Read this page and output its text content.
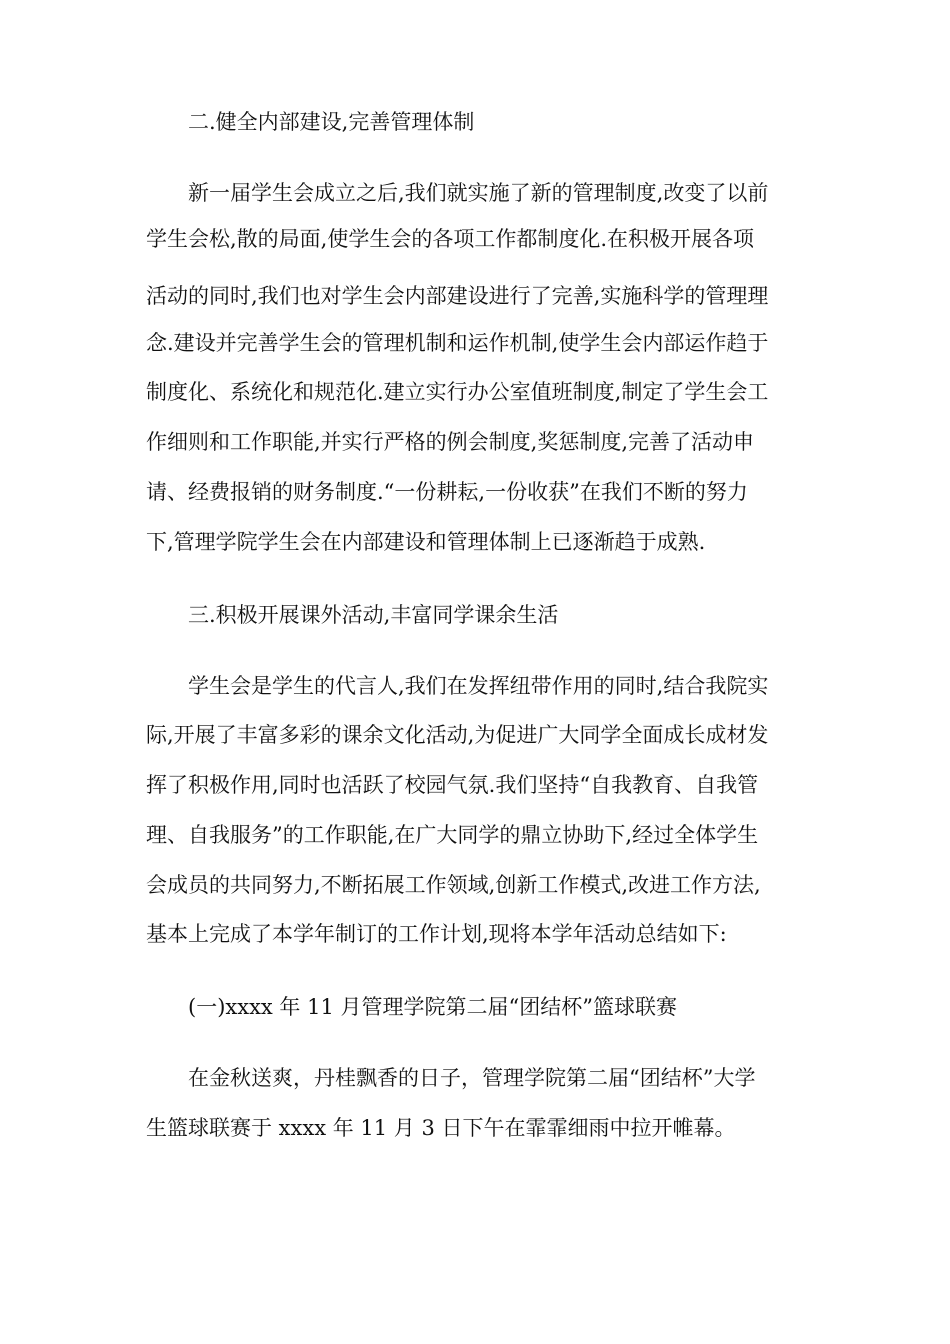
二.健全内部建设,完善管理体制
新一届学生会成立之后,我们就实施了新的管理制度,改变了以前
学生会松,散的局面,使学生会的各项工作都制度化.在积极开展各项
活动的同时,我们也对学生会内部建设进行了完善,实施科学的管理理
念.建设并完善学生会的管理机制和运作机制,使学生会内部运作趋于
制度化、系统化和规范化.建立实行办公室值班制度,制定了学生会工
作细则和工作职能,并实行严格的例会制度,奖惩制度,完善了活动申
请、经费报销的财务制度.“一份耕耘,一份收获”在我们不断的努力
下,管理学院学生会在内部建设和管理体制上已逐渐趋于成熟.
三.积极开展课外活动,丰富同学课余生活
学生会是学生的代言人,我们在发挥纽带作用的同时,结合我院实
际,开展了丰富多彩的课余文化活动,为促进广大同学全面成长成材发
挥了积极作用,同时也活跃了校园气氛.我们坚持“自我教育、自我管
理、自我服务”的工作职能,在广大同学的鼎立协助下,经过全体学生
会成员的共同努力,不断拓展工作领域,创新工作模式,改进工作方法,
基本上完成了本学年制订的工作计划,现将本学年活动总结如下:
(一)xxxx 年 11 月管理学院第二届“团结杯”篮球联赛
在金秋送爽，丹桂飘香的日子，管理学院第二届“团结杯”大学
生篮球联赛于 xxxx 年 11 月 3 日下午在霏霏细雨中拉开帷幕。
